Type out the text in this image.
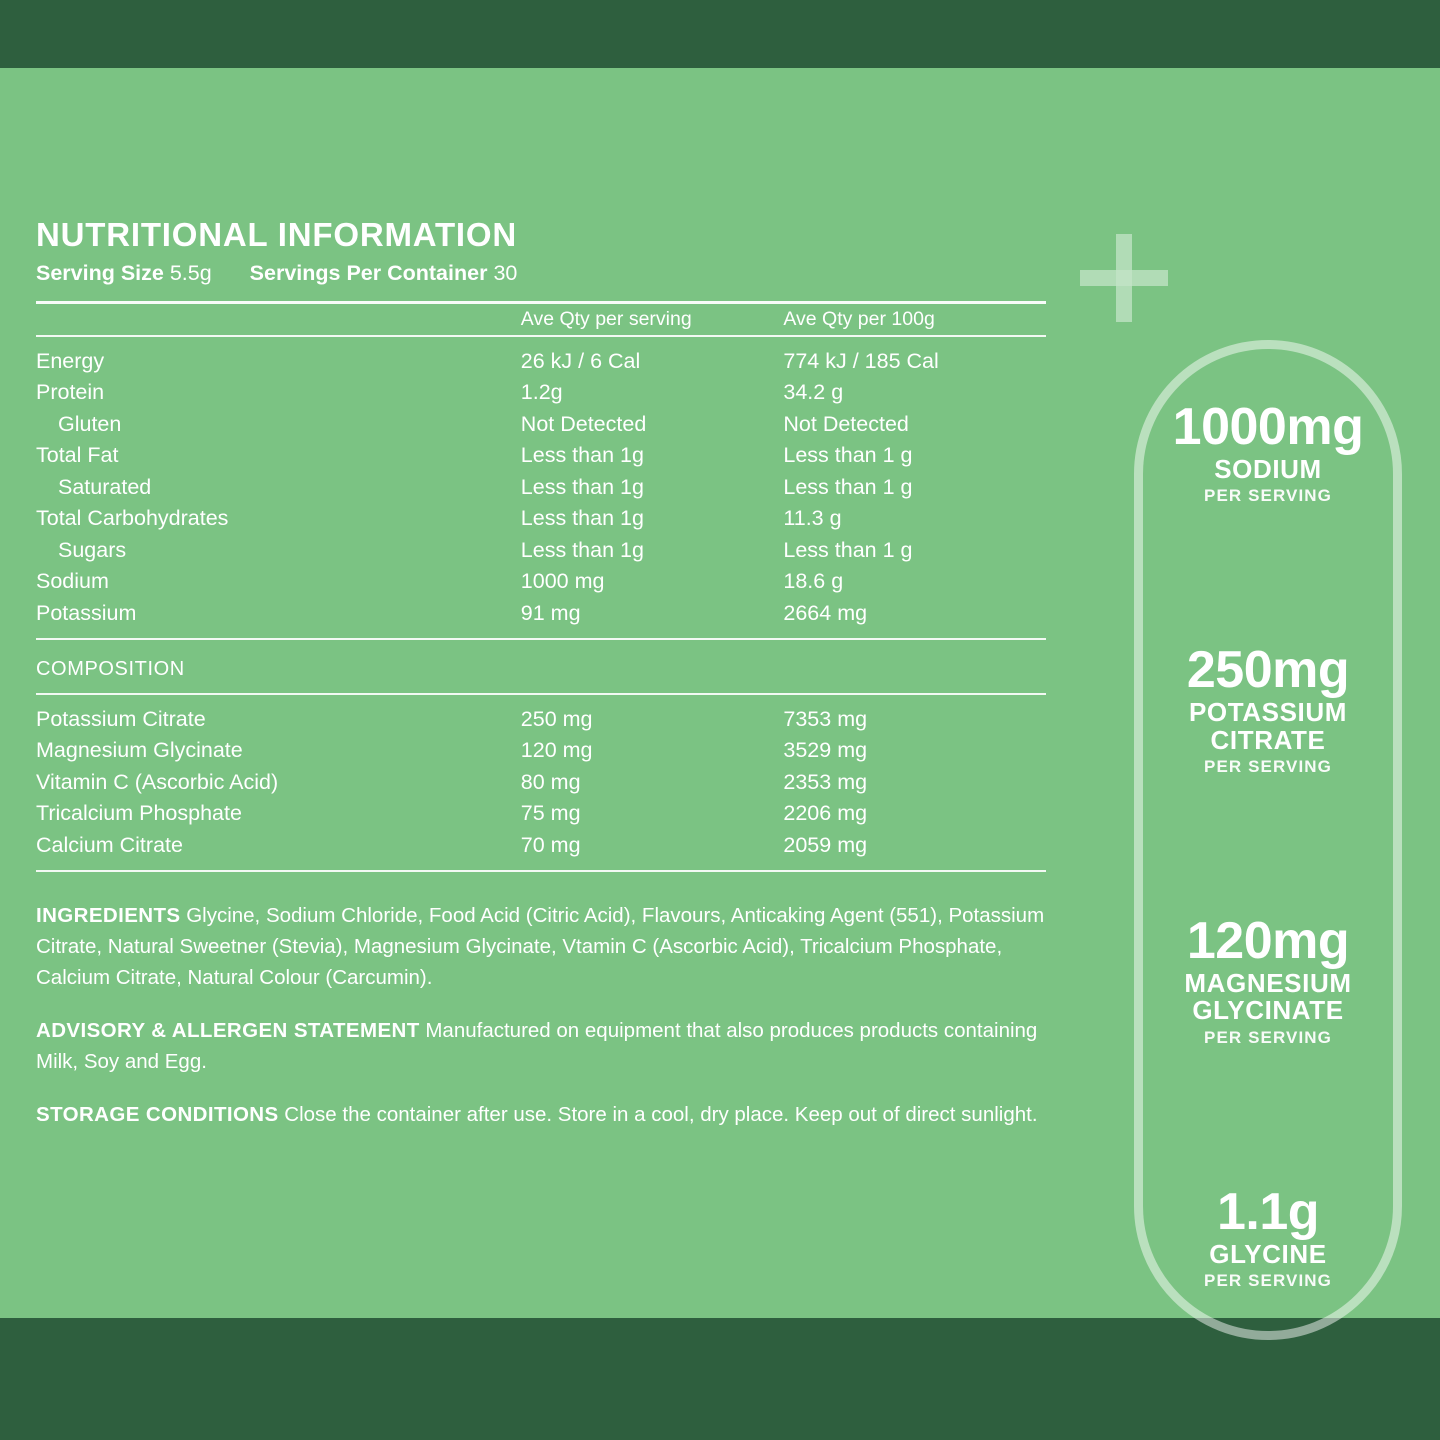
NUTRITIONAL INFORMATION
Serving Size 5.5g Servings Per Container 30
	Ave Qty per serving	Ave Qty per 100g

Energy	26 kJ / 6 Cal	774 kJ / 185 Cal
Protein	1.2g	34.2 g
Gluten	Not Detected	Not Detected
Total Fat	Less than 1g	Less than 1 g
Saturated	Less than 1g	Less than 1 g
Total Carbohydrates	Less than 1g	11.3 g
Sugars	Less than 1g	Less than 1 g
Sodium	1000 mg	18.6 g
Potassium	91 mg	2664 mg

COMPOSITION		

Potassium Citrate	250 mg	7353 mg
Magnesium Glycinate	120 mg	3529 mg
Vitamin C (Ascorbic Acid)	80 mg	2353 mg
Tricalcium Phosphate	75 mg	2206 mg
Calcium Citrate	70 mg	2059 mg

INGREDIENTS Glycine, Sodium Chloride, Food Acid (Citric Acid), Flavours, Anticaking Agent (551), Potassium Citrate, Natural Sweetner (Stevia), Magnesium Glycinate, Vtamin C (Ascorbic Acid), Tricalcium Phosphate, Calcium Citrate, Natural Colour (Carcumin).

ADVISORY & ALLERGEN STATEMENT Manufactured on equipment that also produces products containing Milk, Soy and Egg.

STORAGE CONDITIONS Close the container after use. Store in a cool, dry place. Keep out of direct sunlight.

1000mg
SODIUM
PER SERVING
250mg
POTASSIUM
CITRATE
PER SERVING
120mg
MAGNESIUM
GLYCINATE
PER SERVING
1.1g
GLYCINE
PER SERVING
